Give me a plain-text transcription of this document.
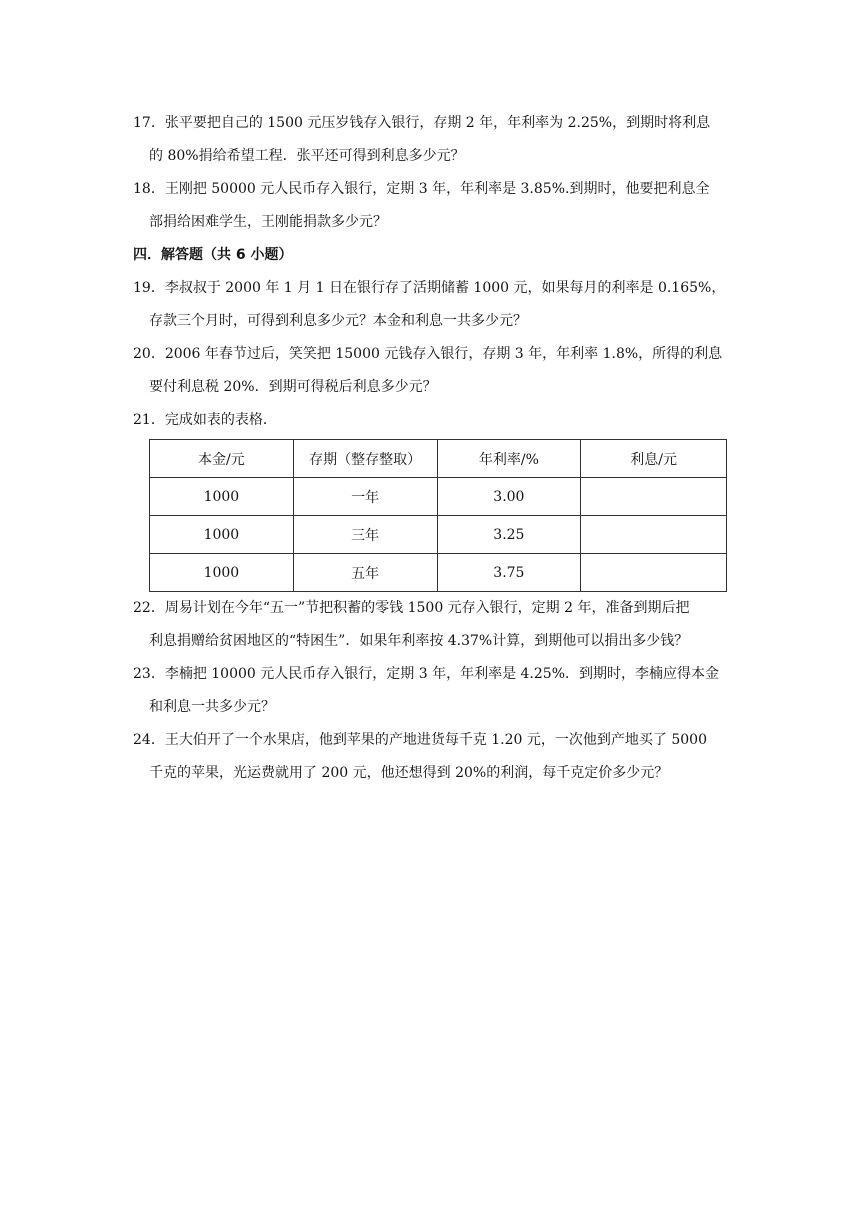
17．张平要把自己的 1500 元压岁钱存入银行，存期 2 年，年利率为 2.25%，到期时将利息
的 80%捐给希望工程．张平还可得到利息多少元？
18．王刚把 50000 元人民币存入银行，定期 3 年，年利率是 3.85%.到期时，他要把利息全
部捐给困难学生，王刚能捐款多少元？
四．解答题（共 6 小题）
19．李叔叔于 2000 年 1 月 1 日在银行存了活期储蓄 1000 元，如果每月的利率是 0.165%，
存款三个月时，可得到利息多少元？本金和利息一共多少元？
20．2006 年春节过后，笑笑把 15000 元钱存入银行，存期 3 年，年利率 1.8%，所得的利息
要付利息税 20%．到期可得税后利息多少元？
21．完成如表的表格．
本金/元	存期（整存整取）	年利率/%	利息/元
1000	一年	3.00	
1000	三年	3.25	
1000	五年	3.75	
22．周易计划在今年“五一”节把积蓄的零钱 1500 元存入银行，定期 2 年，准备到期后把
利息捐赠给贫困地区的“特困生”．如果年利率按 4.37%计算，到期他可以捐出多少钱？
23．李楠把 10000 元人民币存入银行，定期 3 年，年利率是 4.25%．到期时，李楠应得本金
和利息一共多少元？
24．王大伯开了一个水果店，他到苹果的产地进货每千克 1.20 元，一次他到产地买了 5000
千克的苹果，光运费就用了 200 元，他还想得到 20%的利润，每千克定价多少元？
